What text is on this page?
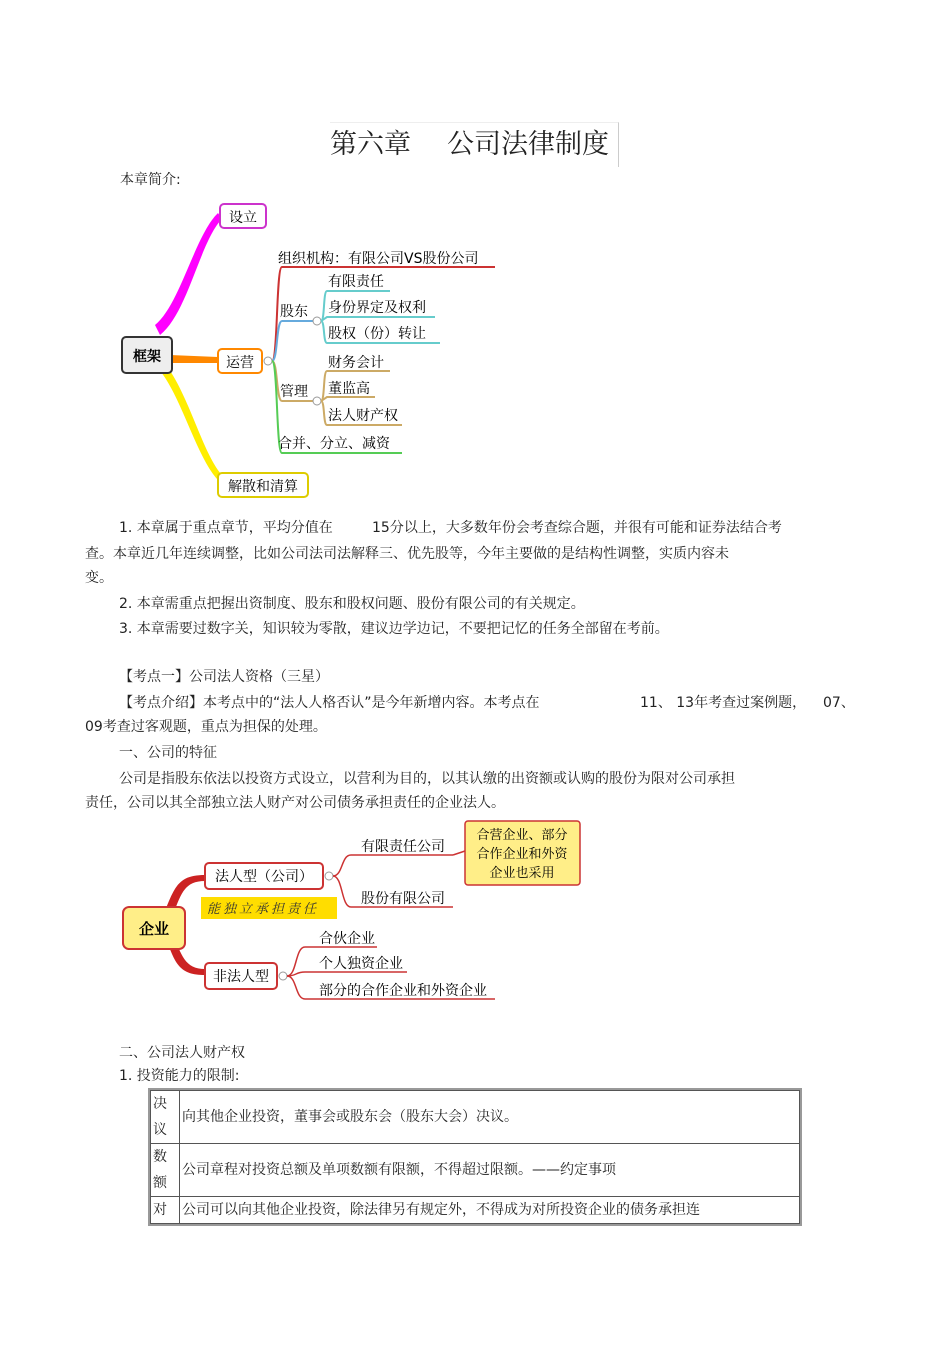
第六章 公司法律制度
本章简介:
框架
设立
运营
组织机构：有限公司VS股份公司
股东
管理
合并、分立、减资
有限责任
身份界定及权利
股权（份）转让
财务会计
董监高
法人财产权
解散和清算
1. 本章属于重点章节，平均分值在	15分以上，大多数年份会考查综合题，并很有可能和证券法结合考
查。本章近几年连续调整，比如公司法司法解释三、优先股等，今年主要做的是结构性调整，实质内容未
变。
2. 本章需重点把握出资制度、股东和股权问题、股份有限公司的有关规定。
3. 本章需要过数字关，知识较为零散，建议边学边记，不要把记忆的任务全部留在考前。
【考点一】公司法人资格（三星）
【考点介绍】本考点中的“法人人格否认”是今年新增内容。本考点在	11、 13年考查过案例题， 07、
09考查过客观题，重点为担保的处理。
一、公司的特征
公司是指股东依法以投资方式设立，以营利为目的，以其认缴的出资额或认购的股份为限对公司承担
责任，公司以其全部独立法人财产对公司债务承担责任的企业法人。
企业
法人型（公司）
有限责任公司
股份有限公司
合营企业、部分
合作企业和外资
企业也采用
能独立承担责任
非法人型
合伙企业
个人独资企业
部分的合作企业和外资企业
二、公司法人财产权
1. 投资能力的限制:
决议	向其他企业投资，董事会或股东会（股东大会）决议。
数额	公司章程对投资总额及单项数额有限额，不得超过限额。——约定事项
对	公司可以向其他企业投资，除法律另有规定外，不得成为对所投资企业的债务承担连
